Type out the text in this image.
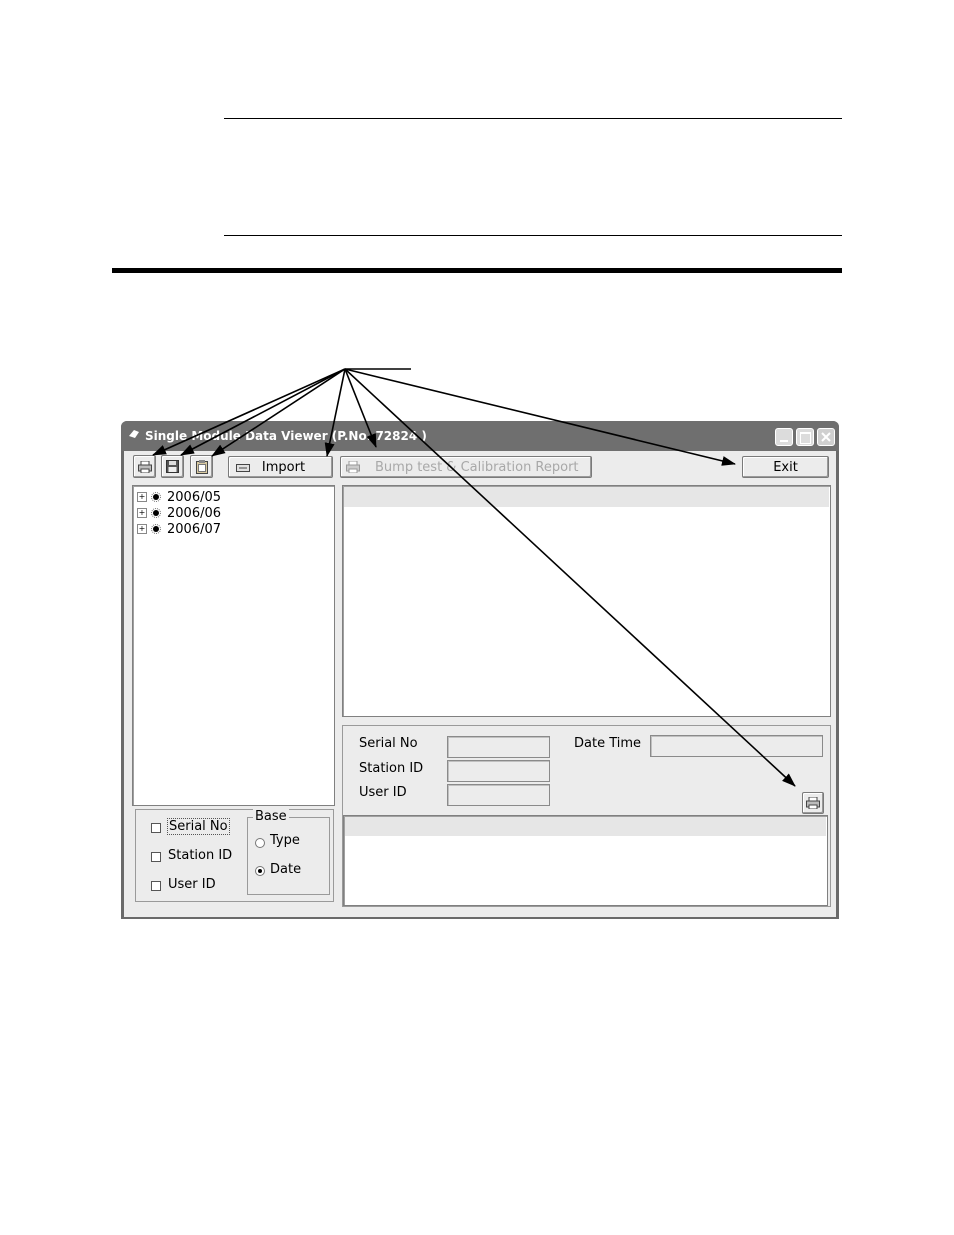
Single Module Data Viewer (P.No. 72824 )
Import	Bump test & Calibration Report	Exit
+ 2006/05
+ 2006/06
+ 2006/07
Serial No
Station ID
User ID
Date Time
Serial No
Station ID
User ID
Base
Type
Date
